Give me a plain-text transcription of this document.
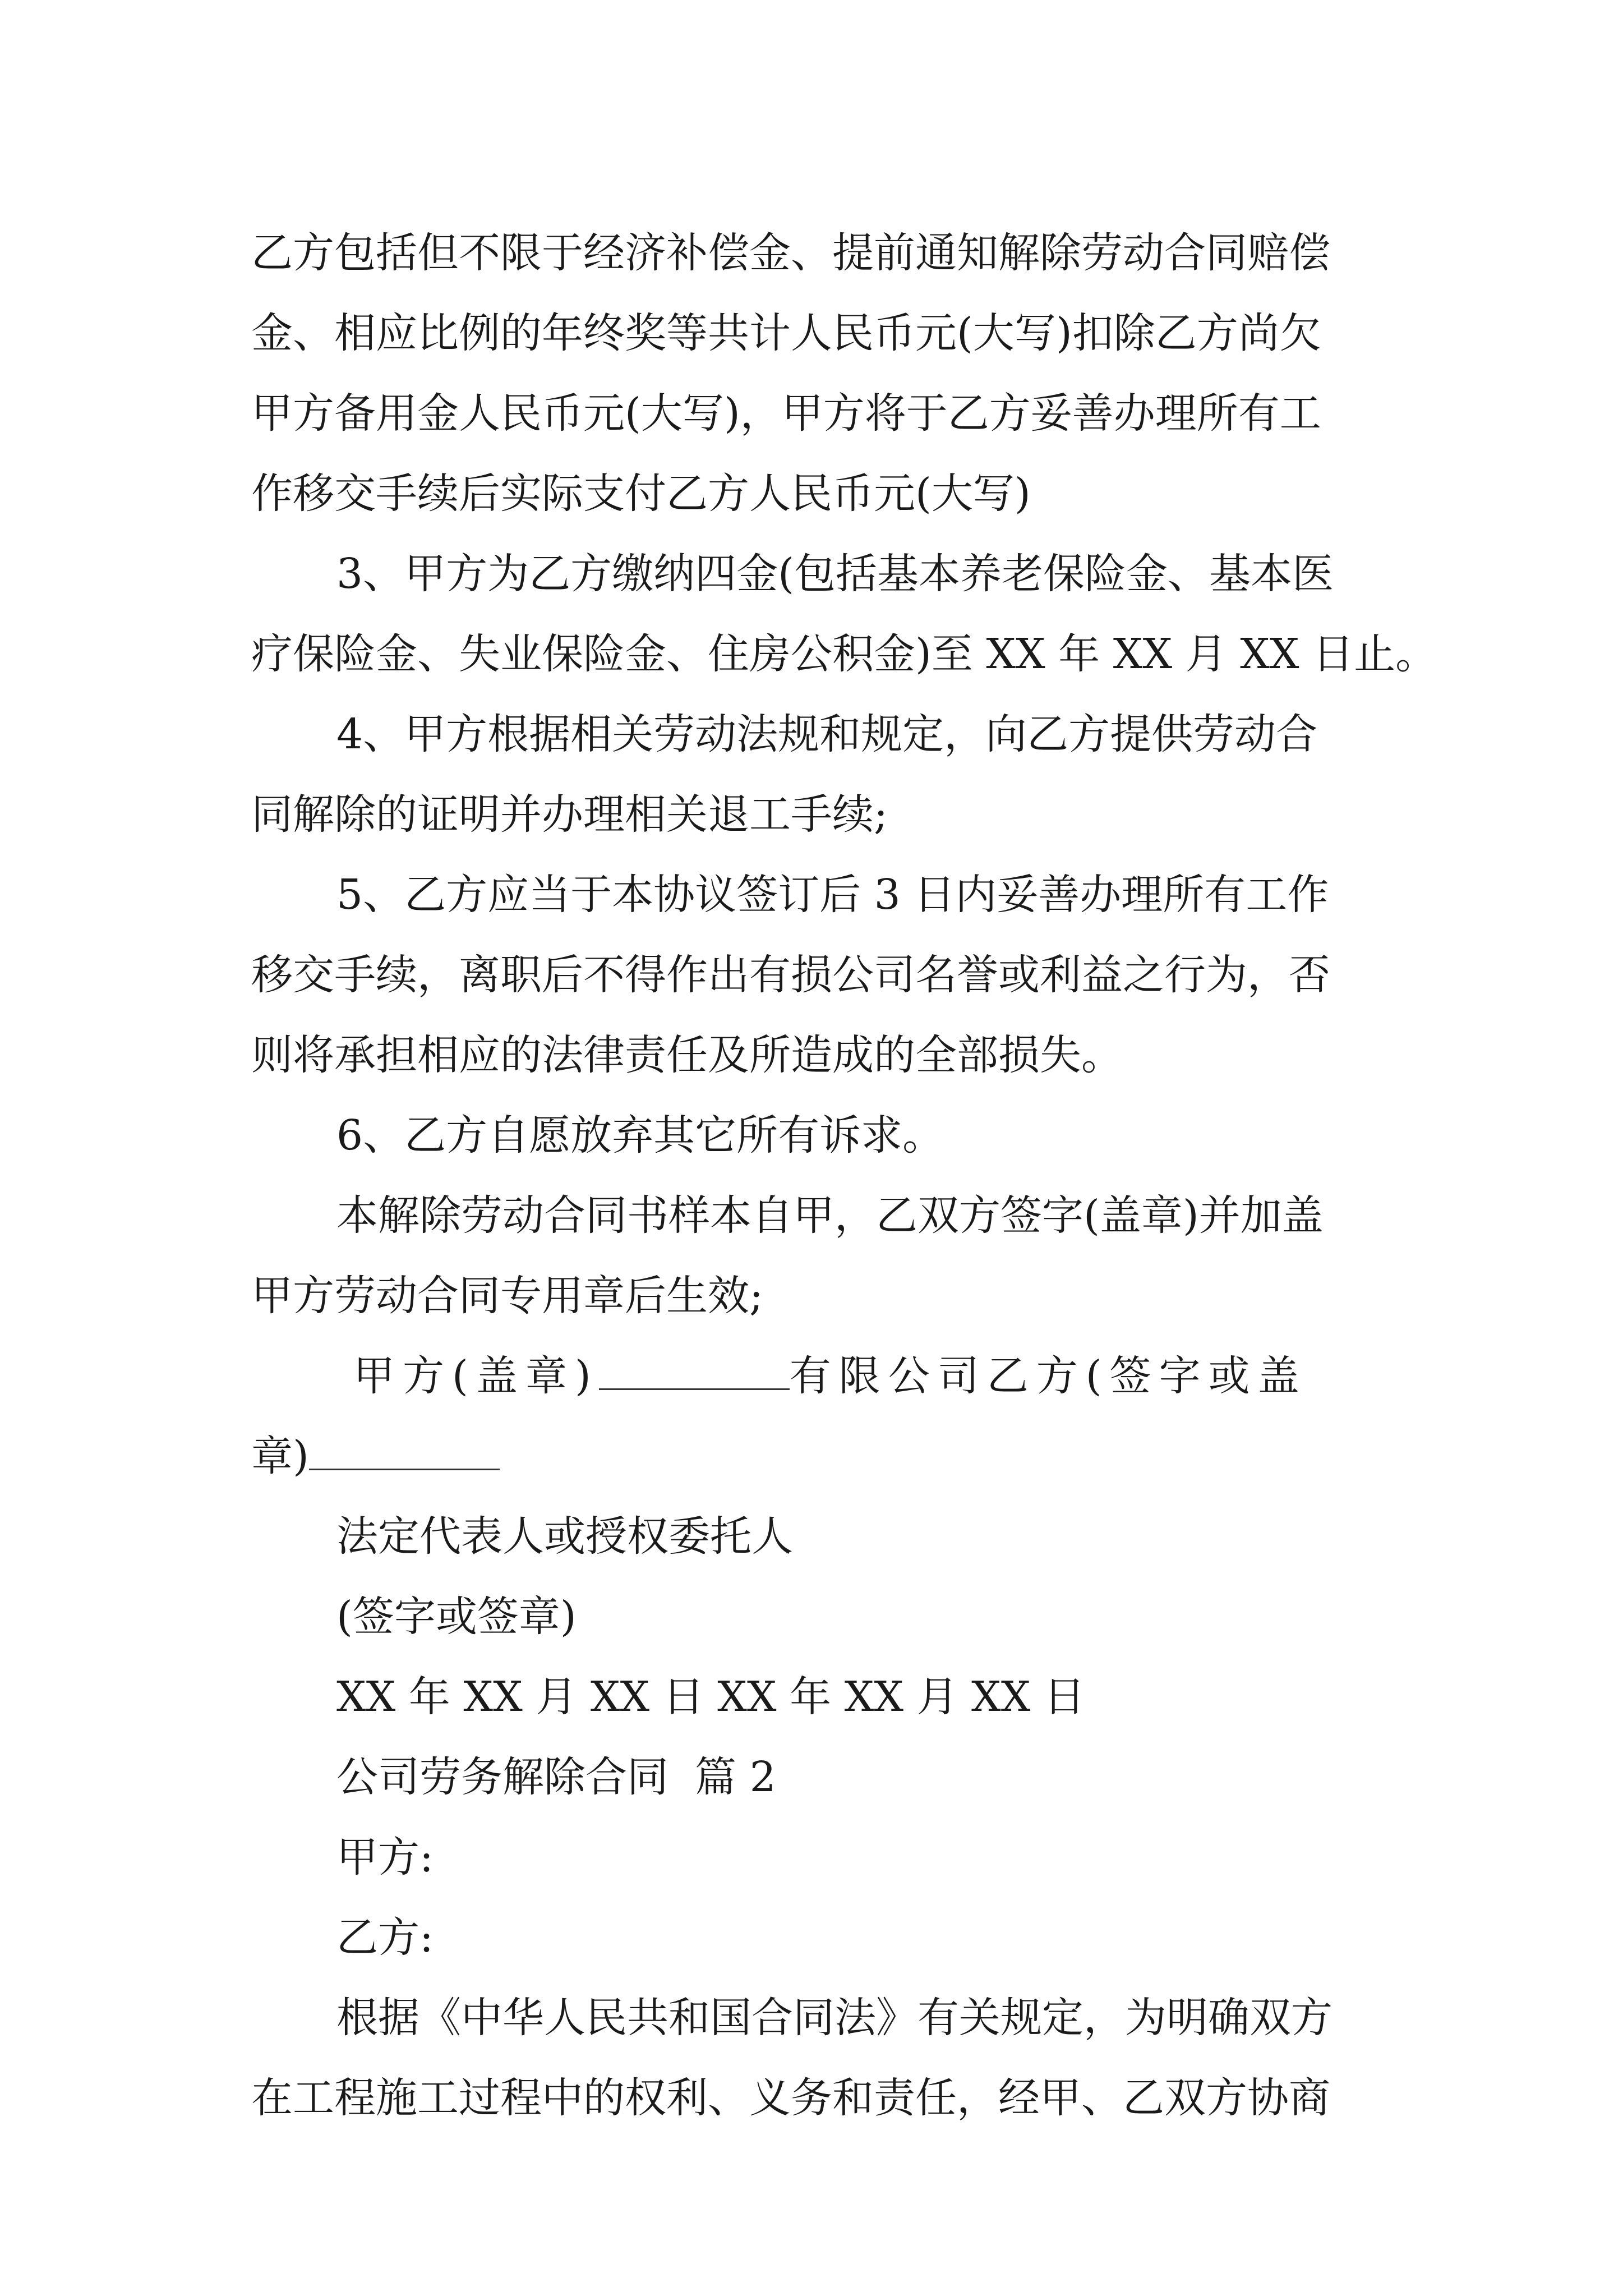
乙方包括但不限于经济补偿金、提前通知解除劳动合同赔偿
金、相应比例的年终奖等共计人民币元(大写)扣除乙方尚欠
甲方备用金人民币元(大写)，甲方将于乙方妥善办理所有工
作移交手续后实际支付乙方人民币元(大写)

3、甲方为乙方缴纳四金(包括基本养老保险金、基本医
疗保险金、失业保险金、住房公积金)至 XX 年 XX 月 XX 日止。

4、甲方根据相关劳动法规和规定，向乙方提供劳动合
同解除的证明并办理相关退工手续;

5、乙方应当于本协议签订后 3 日内妥善办理所有工作
移交手续，离职后不得作出有损公司名誉或利益之行为，否
则将承担相应的法律责任及所造成的全部损失。

6、乙方自愿放弃其它所有诉求。

本解除劳动合同书样本自甲，乙双方签字(盖章)并加盖
甲方劳动合同专用章后生效;

甲方(盖章)	有限公司乙方(签字或盖
章)

法定代表人或授权委托人

(签字或签章)

XX 年 XX 月 XX 日 XX 年 XX 月 XX 日

公司劳务解除合同  篇 2

甲方:

乙方:

根据《中华人民共和国合同法》有关规定，为明确双方
在工程施工过程中的权利、义务和责任，经甲、乙双方协商
